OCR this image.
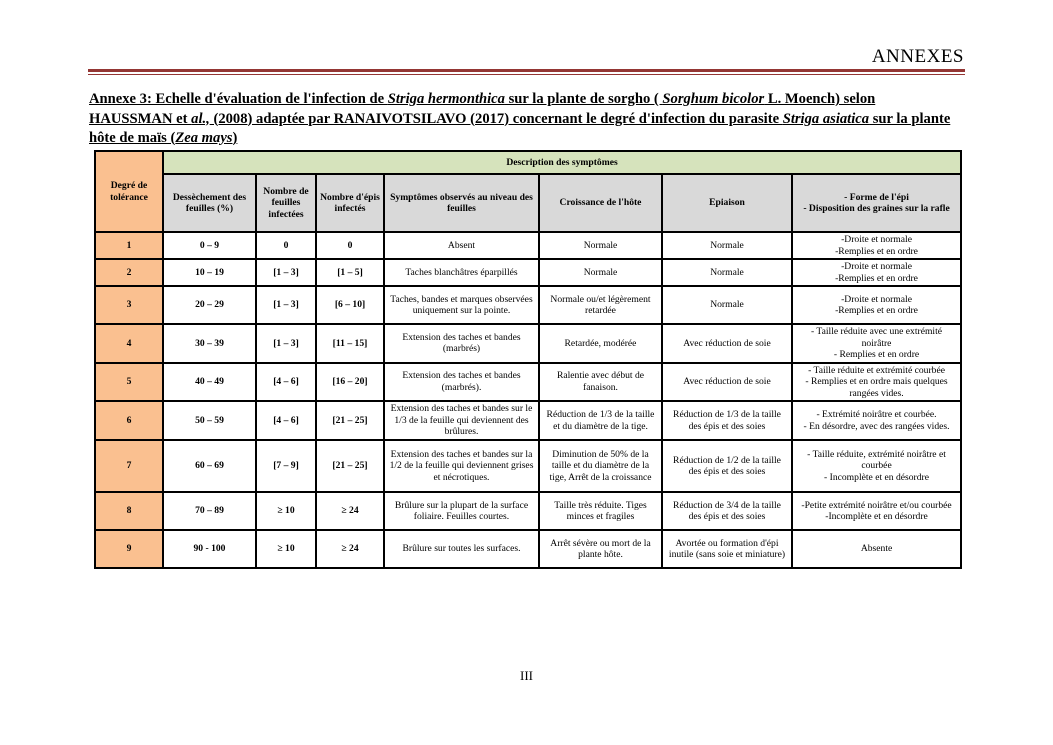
ANNEXES
Annexe 3: Echelle d'évaluation de l'infection de Striga hermonthica sur la plante de sorgho ( Sorghum bicolor L. Moench) selon HAUSSMAN et al., (2008) adaptée par RANAIVOTSILAVO (2017) concernant le degré d'infection du parasite Striga asiatica sur la plante hôte de maïs (Zea mays)
Degré de tolérance	Description des symptômes						
	Dessèchement des feuilles (%)	Nombre de feuilles infectées	Nombre d'épis infectés	Symptômes observés au niveau des feuilles	Croissance de l'hôte	Epiaison	- Forme de l'épi
- Disposition des graines sur la rafle

1	0 – 9	0	0	Absent	Normale	Normale	-Droite et normale
-Remplies et en ordre

2	10 – 19	[1 – 3]	[1 – 5]	Taches blanchâtres éparpillés	Normale	Normale	-Droite et normale
-Remplies et en ordre

3	20 – 29	[1 – 3]	[6 – 10]	Taches, bandes et marques observées uniquement sur la pointe.	Normale ou/et légèrement retardée	Normale	-Droite et normale
-Remplies et en ordre

4	30 – 39	[1 – 3]	[11 – 15]	Extension des taches et bandes (marbrés)	Retardée, modérée	Avec réduction de soie	- Taille réduite avec une extrémité noirâtre
- Remplies et en ordre

5	40 – 49	[4 – 6]	[16 – 20]	Extension des taches et bandes (marbrés).	Ralentie avec début de fanaison.	Avec réduction de soie	- Taille réduite et extrémité courbée
- Remplies et en ordre mais quelques rangées vides.

6	50 – 59	[4 – 6]	[21 – 25]	Extension des taches et bandes sur le 1/3 de la feuille qui deviennent des brûlures.	Réduction de 1/3 de la taille et du diamètre de la tige.	Réduction de 1/3 de la taille des épis et des soies	- Extrémité noirâtre et courbée.
- En désordre, avec des rangées vides.

7	60 – 69	[7 – 9]	[21 – 25]	Extension des taches et bandes sur la 1/2 de la feuille qui deviennent grises et nécrotiques.	Diminution de 50% de la taille et du diamètre de la tige, Arrêt de la croissance	Réduction de 1/2 de la taille des épis et des soies	- Taille réduite, extrémité noirâtre et courbée
- Incomplète et en désordre

8	70 – 89	≥ 10	≥ 24	Brûlure sur la plupart de la surface foliaire. Feuilles courtes.	Taille très réduite. Tiges minces et fragiles	Réduction de 3/4 de la taille des épis et des soies	-Petite extrémité noirâtre et/ou courbée
-Incomplète et en désordre

9	90 - 100	≥ 10	≥ 24	Brûlure sur toutes les surfaces.	Arrêt sévère ou mort de la plante hôte.	Avortée ou formation d'épi inutile (sans soie et miniature)	Absente
III
